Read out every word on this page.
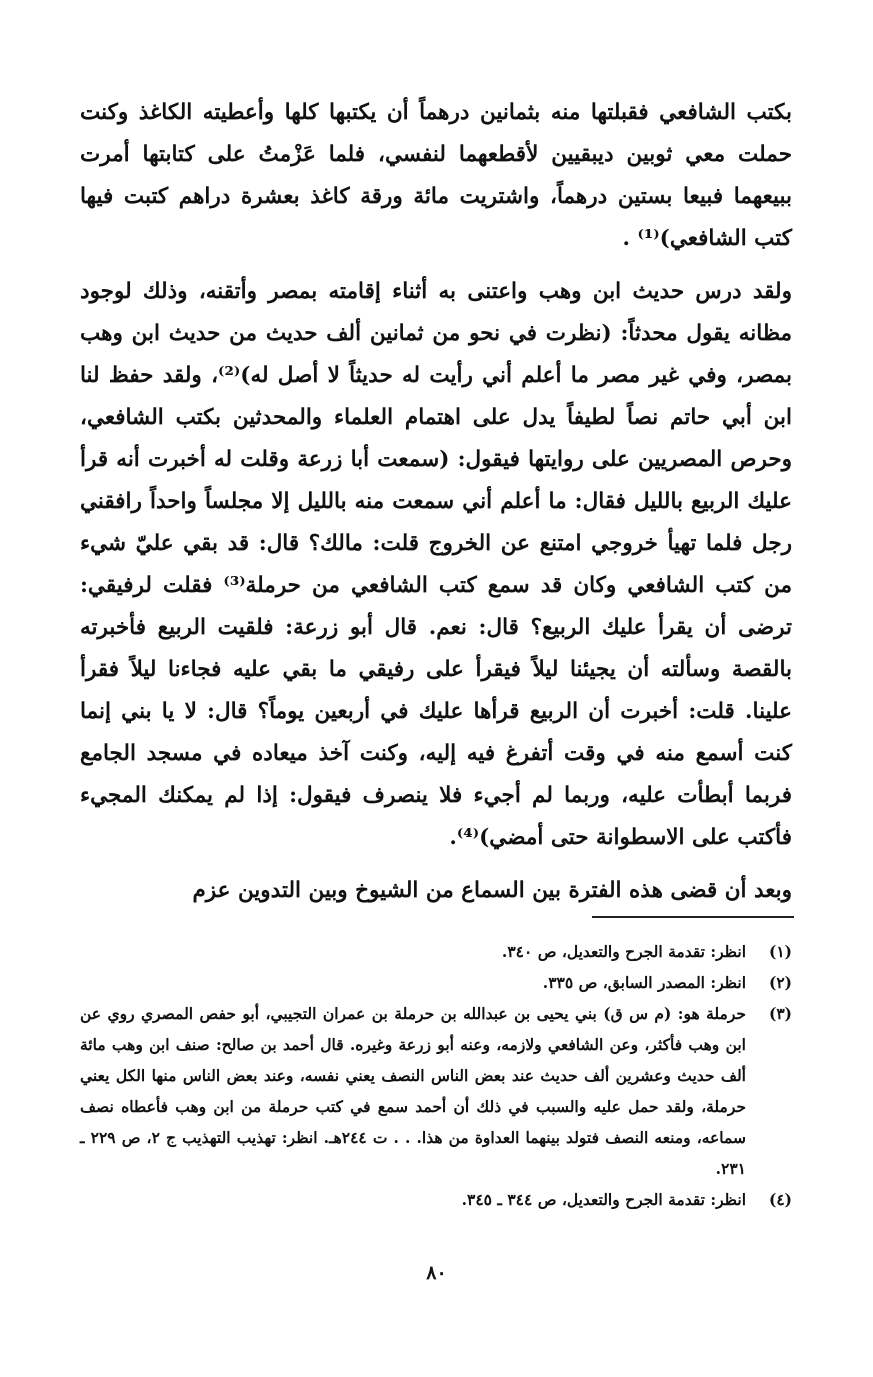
بكتب الشافعي فقبلتها منه بثمانين درهماً أن يكتبها كلها وأعطيته الكاغذ وكنت حملت معي ثوبين ديبقيين لأقطعهما لنفسي، فلما عَزْمتُ على كتابتها أمرت ببيعهما فبيعا بستين درهماً، واشتريت مائة ورقة كاغذ بعشرة دراهم كتبت فيها كتب الشافعي)⁽¹⁾ .

ولقد درس حديث ابن وهب واعتنى به أثناء إقامته بمصر وأتقنه، وذلك لوجود مظانه يقول محدثاً: (نظرت في نحو من ثمانين ألف حديث من حديث ابن وهب بمصر، وفي غير مصر ما أعلم أني رأيت له حديثاً لا أصل له)⁽²⁾، ولقد حفظ لنا ابن أبي حاتم نصاً لطيفاً يدل على اهتمام العلماء والمحدثين بكتب الشافعي، وحرص المصريين على روايتها فيقول: (سمعت أبا زرعة وقلت له أخبرت أنه قرأ عليك الربيع بالليل فقال: ما أعلم أني سمعت منه بالليل إلا مجلساً واحداً رافقني رجل فلما تهيأ خروجي امتنع عن الخروج قلت: مالك؟ قال: قد بقي عليّ شيء من كتب الشافعي وكان قد سمع كتب الشافعي من حرملة⁽³⁾ فقلت لرفيقي: ترضى أن يقرأ عليك الربيع؟ قال: نعم. قال أبو زرعة: فلقيت الربيع فأخبرته بالقصة وسألته أن يجيئنا ليلاً فيقرأ على رفيقي ما بقي عليه فجاءنا ليلاً فقرأ علينا. قلت: أخبرت أن الربيع قرأها عليك في أربعين يوماً؟ قال: لا يا بني إنما كنت أسمع منه في وقت أتفرغ فيه إليه، وكنت آخذ ميعاده في مسجد الجامع فربما أبطأت عليه، وربما لم أجيء فلا ينصرف فيقول: إذا لم يمكنك المجيء فأكتب على الاسطوانة حتى أمضي)⁽⁴⁾.

وبعد أن قضى هذه الفترة بين السماع من الشيوخ وبين التدوين عزم

(١)
انظر: تقدمة الجرح والتعديل، ص ٣٤٠.
(٢)
انظر: المصدر السابق، ص ٣٣٥.
(٣)
حرملة هو: (م س ق) بني يحيى بن عبدالله بن حرملة بن عمران التجيبي، أبو حفص المصري روي عن ابن وهب فأكثر، وعن الشافعي ولازمه، وعنه أبو زرعة وغيره. قال أحمد بن صالح: صنف ابن وهب مائة ألف حديث وعشرين ألف حديث عند بعض الناس النصف يعني نفسه، وعند بعض الناس منها الكل يعني حرملة، ولقد حمل عليه والسبب في ذلك أن أحمد سمع في كتب حرملة من ابن وهب فأعطاه نصف سماعه، ومنعه النصف فتولد بينهما العداوة من هذا. . . ت ٢٤٤هـ. انظر: تهذيب التهذيب ج ٢، ص ٢٢٩ ـ ٢٣١.
(٤)
انظر: تقدمة الجرح والتعديل، ص ٣٤٤ ـ ٣٤٥.
٨٠
